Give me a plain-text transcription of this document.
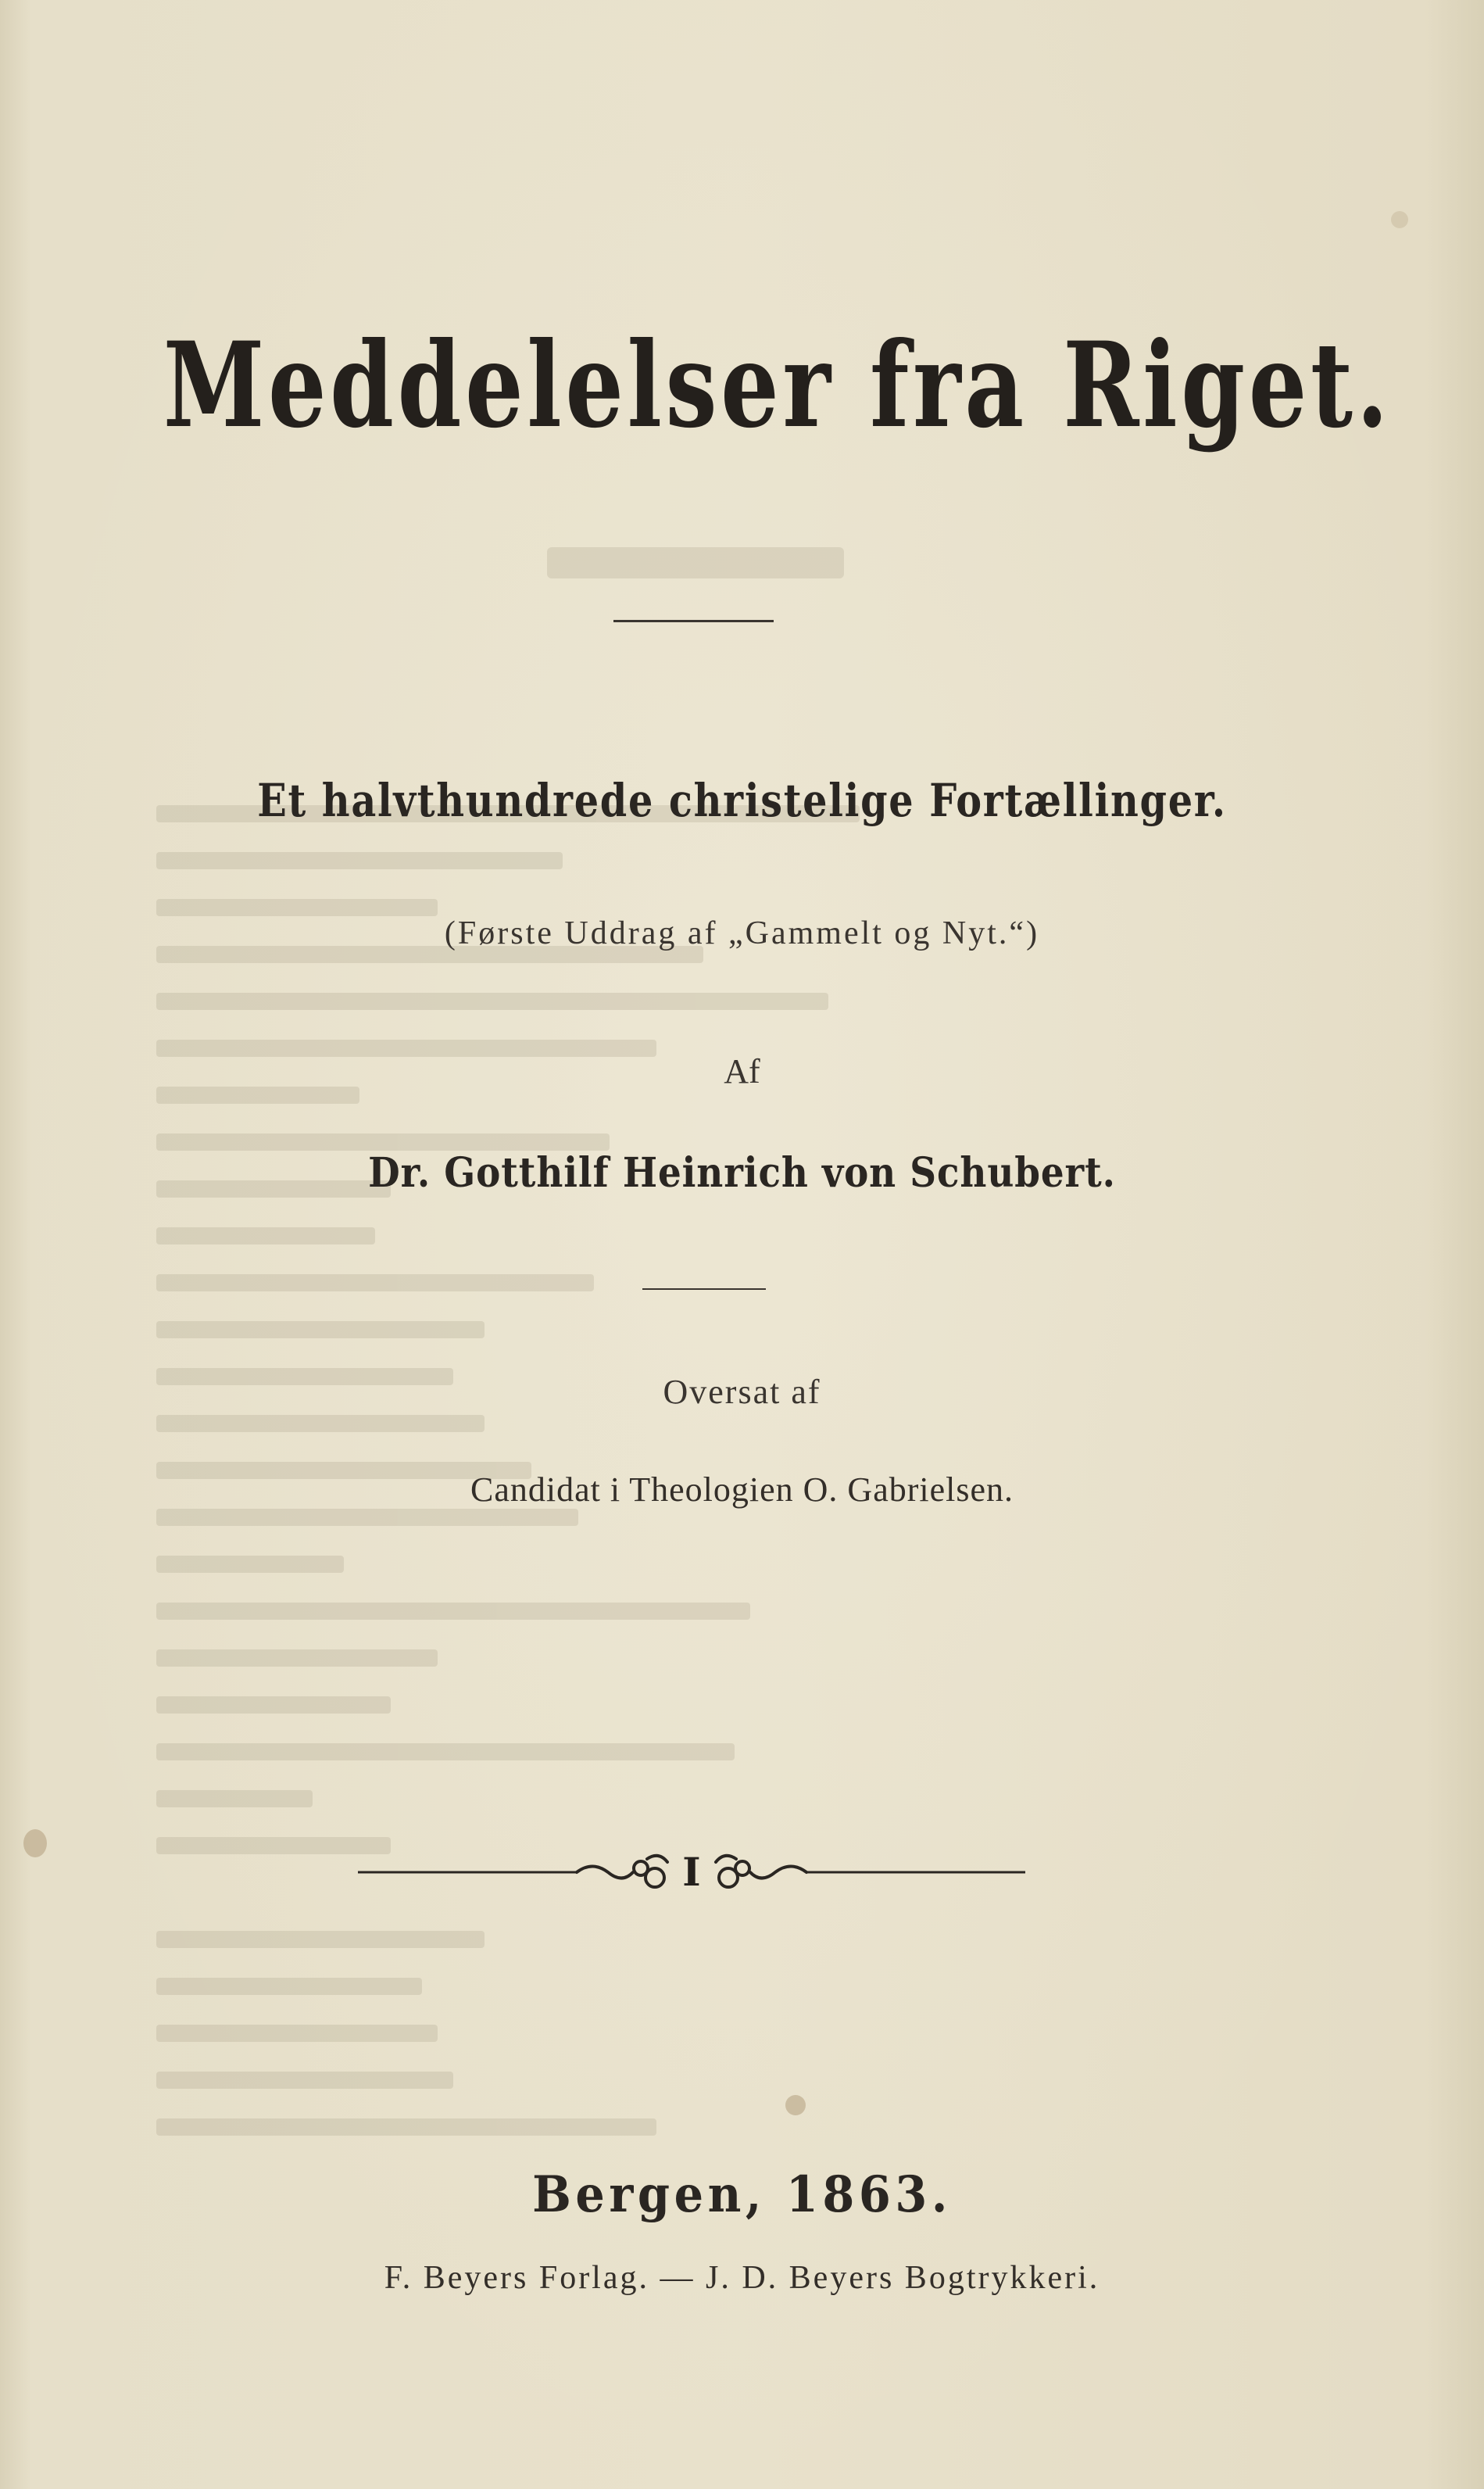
Meddelelser fra Riget.
Et halvthundrede christelige Fortællinger.
(Første Uddrag af „Gammelt og Nyt.“)
Af
Dr. Gotthilf Heinrich von Schubert.
Oversat af
Candidat i Theologien O. Gabrielsen.
I
Bergen, 1863.
F. Beyers Forlag. — J. D. Beyers Bogtrykkeri.
